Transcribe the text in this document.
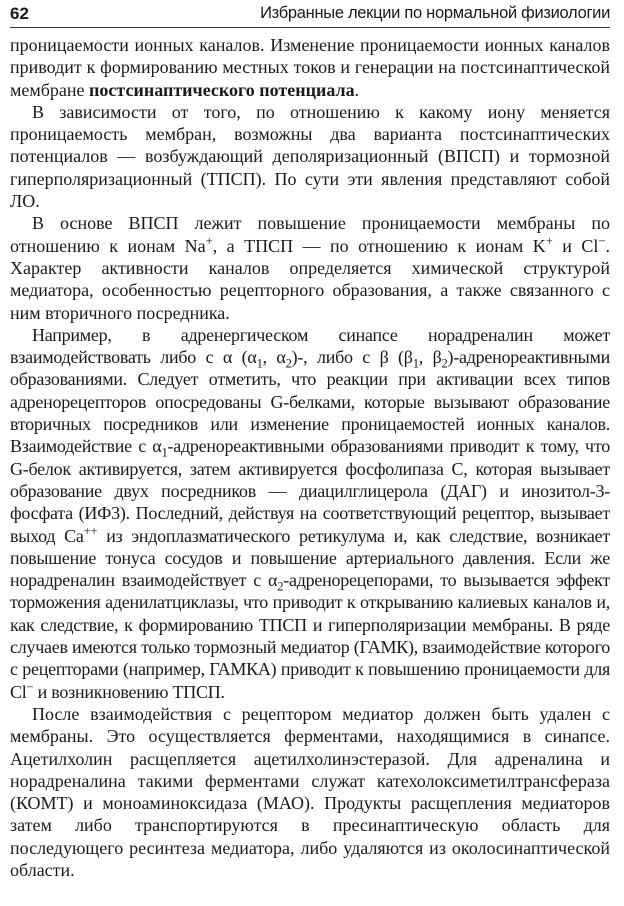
62	Избранные лекции по нормальной физиологии

проницаемости ионных каналов. Изменение проницаемости ионных каналов приводит к формированию местных токов и генерации на постсинаптической мембране постсинаптического потенциала.

В зависимости от того, по отношению к какому иону меняется проницаемость мембран, возможны два варианта постсинаптических потенциалов — возбуждающий деполяризационный (ВПСП) и тормозной гиперполяризационный (ТПСП). По сути эти явления представляют собой ЛО.

В основе ВПСП лежит повышение проницаемости мембраны по отношению к ионам Na+, а ТПСП — по отношению к ионам K+ и Cl−. Характер активности каналов определяется химической структурой медиатора, особенностью рецепторного образования, а также связанного с ним вторичного посредника.

Например, в адренергическом синапсе норадреналин может взаимодействовать либо с α ($\alpha_1$, $\alpha_2)-$, либо с β ($\beta_1$, $\beta_2$)-адренореактивными образованиями. Следует отметить, что реакции при активации всех типов адренорецепторов опосредованы G-белками, которые вызывают образование вторичных посредников или изменение проницаемостей ионных каналов. Взаимодействие с $\alpha_1$-адренореактивными образованиями приводит к тому, что G-белок активируется, затем активируется фосфолипаза C, которая вызывает образование двух посредников — диацилглицерола (ДАГ) и инозитол-3-фосфата (ИФ3). Последний, действуя на соответствующий рецептор, вызывает выход Ca++ из эндоплазматического ретикулума и, как следствие, возникает повышение тонуса сосудов и повышение артериального давления. Если же норадреналин взаимодействует с $\alpha_2$-адренорецепорами, то вызывается эффект торможения аденилатциклазы, что приводит к открыванию калиевых каналов и, как следствие, к формированию ТПСП и гиперполяризации мембраны. В ряде случаев имеются только тормозный медиатор (ГАМК), взаимодействие которого с рецепторами (например, ГАМКА) приводит к повышению проницаемости для Cl− и возникновению ТПСП.

После взаимодействия с рецептором медиатор должен быть удален с мембраны. Это осуществляется ферментами, находящимися в синапсе. Ацетилхолин расщепляется ацетилхолинэстеразой. Для адреналина и норадреналина такими ферментами служат катехолоксиметилтрансфераза (КОМТ) и моноаминоксидаза (МАО). Продукты расщепления медиаторов затем либо транспортируются в пресинаптическую область для последующего ресинтеза медиатора, либо удаляются из околосинаптической области.
